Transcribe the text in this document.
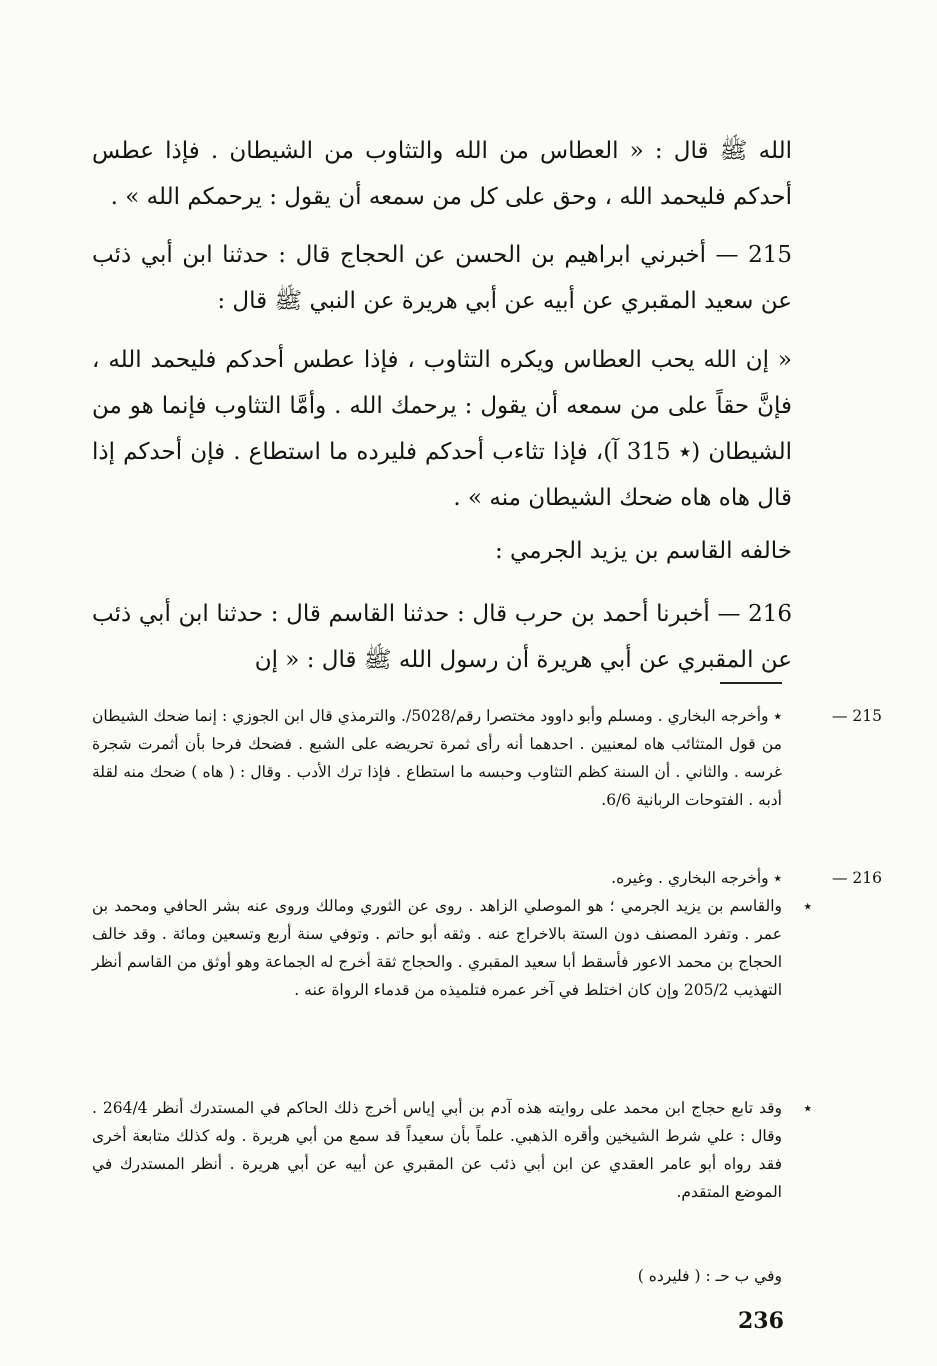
الله ﷺ قال : « العطاس من الله والتثاوب من الشيطان . فإذا عطس أحدكم فليحمد الله ، وحق على كل من سمعه أن يقول : يرحمكم الله » .

215 — أخبرني ابراهيم بن الحسن عن الحجاج قال : حدثنا ابن أبي ذئب عن سعيد المقبري عن أبيه عن أبي هريرة عن النبي ﷺ قال :

« إن الله يحب العطاس ويكره التثاوب ، فإذا عطس أحدكم فليحمد الله ، فإنَّ حقاً على من سمعه أن يقول : يرحمك الله . وأمَّا التثاوب فإنما هو من الشيطان (٭ 315 آ)، فإذا تثاءب أحدكم فليرده ما استطاع . فإن أحدكم إذا قال هاه هاه ضحك الشيطان منه » .

خالفه القاسم بن يزيد الجرمي :

216 — أخبرنا أحمد بن حرب قال : حدثنا القاسم قال : حدثنا ابن أبي ذئب عن المقبري عن أبي هريرة أن رسول الله ﷺ قال : « إن

215 —

٭ وأخرجه البخاري . ومسلم وأبو داوود مختصرا رقم/5028/. والترمذي قال ابن الجوزي : إنما ضحك الشيطان من قول المتثائب هاه لمعنيين . احدهما أنه رأى ثمرة تحريضه على الشبع . فضحك فرحا بأن أثمرت شجرة غرسه . والثاني . أن السنة كظم التثاوب وحبسه ما استطاع . فإذا ترك الأدب . وقال : ( هاه ) ضحك منه لقلة أدبه . الفتوحات الربانية 6/6.

216 —

٭ وأخرجه البخاري . وغيره.

٭

والقاسم بن يزيد الجرمي ؛ هو الموصلي الزاهد . روى عن الثوري ومالك وروى عنه بشر الحافي ومحمد بن عمر . وتفرد المصنف دون الستة بالاخراج عنه . وثقه أبو حاتم . وتوفي سنة أربع وتسعين ومائة . وقد خالف الحجاج بن محمد الاعور فأسقط أبا سعيد المقبري . والحجاج ثقة أخرج له الجماعة وهو أوثق من القاسم أنظر التهذيب 205/2 وإن كان اختلط في آخر عمره فتلميذه من قدماء الرواة عنه .

٭

وقد تابع حجاج ابن محمد على روايته هذه آدم بن أبي إياس أخرج ذلك الحاكم في المستدرك أنظر 264/4 . وقال : علي شرط الشيخين وأقره الذهبي. علماً بأن سعيداً قد سمع من أبي هريرة . وله كذلك متابعة أخرى فقد رواه أبو عامر العقدي عن ابن أبي ذئب عن المقبري عن أبيه عن أبي هريرة . أنظر المستدرك في الموضع المتقدم.

وفي ب حـ : ( فليرده )

236
